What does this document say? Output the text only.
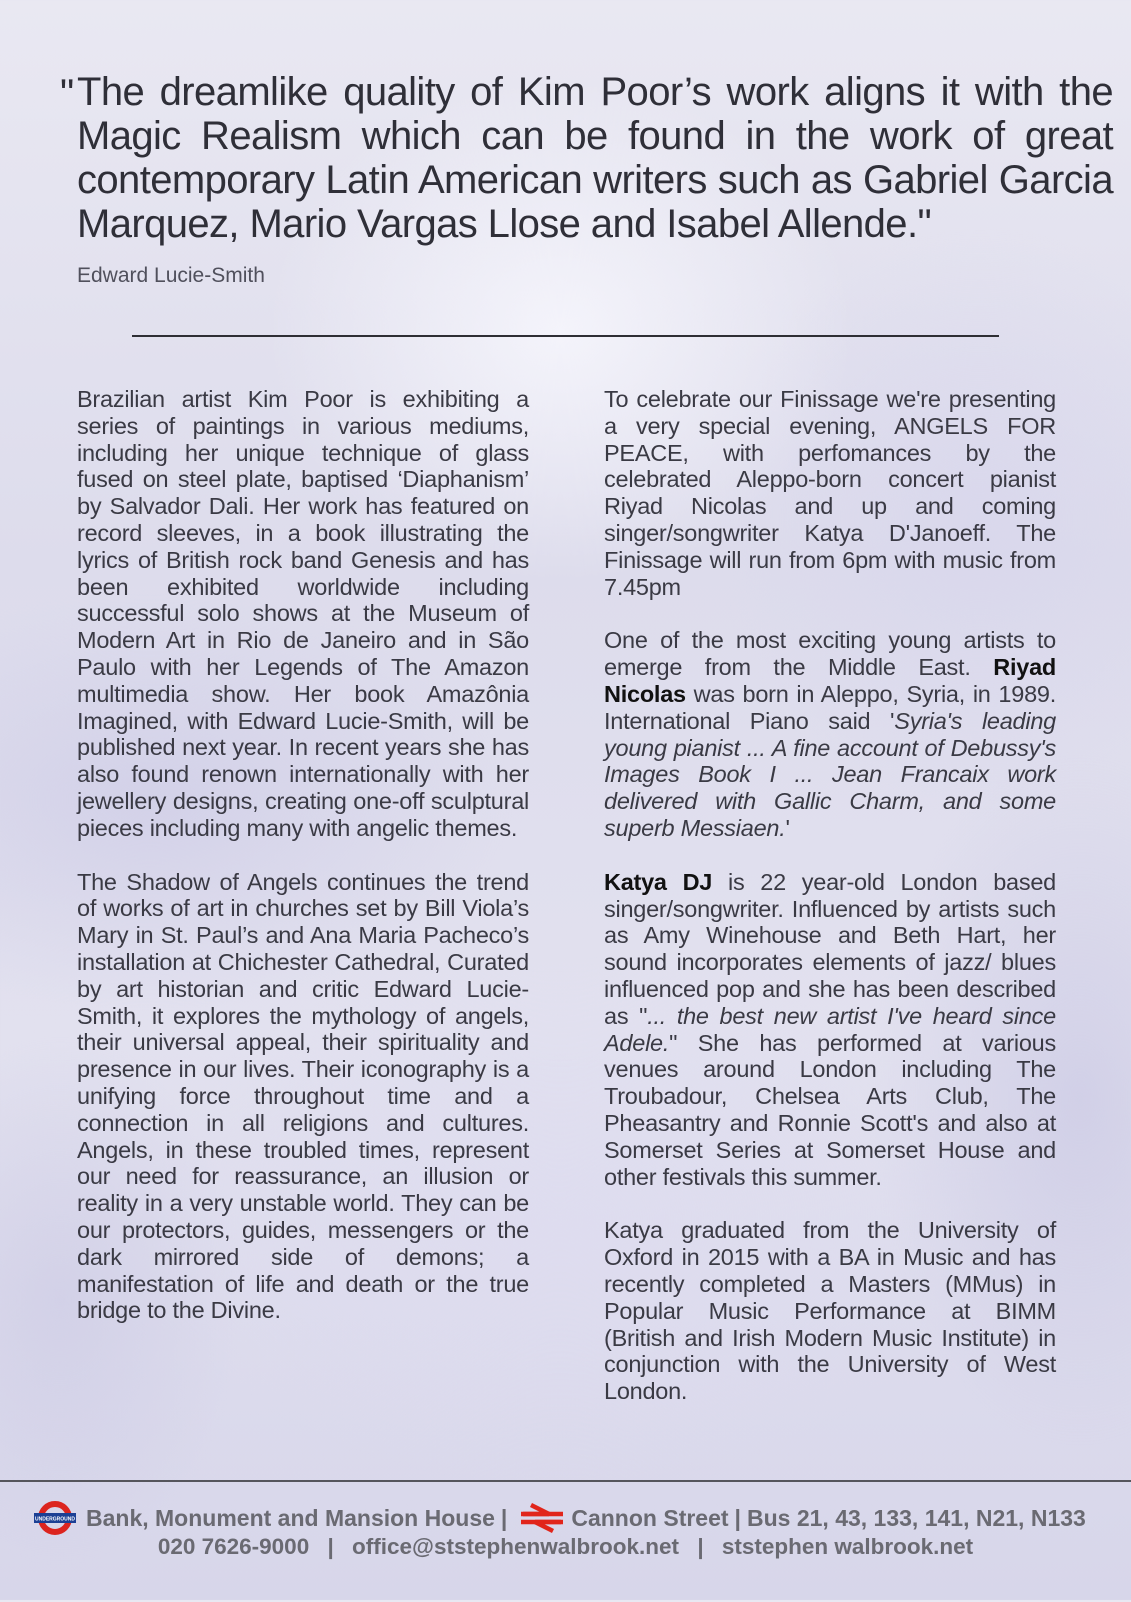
" The dreamlike quality of Kim Poor’s work aligns it with the Magic Realism which can be found in the work of great contemporary Latin American writers such as Gabriel Garcia Marquez, Mario Vargas Llose and Isabel Allende."
Edward Lucie-Smith

Brazilian artist Kim Poor is exhibiting a series of paintings in various mediums, including her unique technique of glass fused on steel plate, baptised ‘Diaphanism’ by Salvador Dali. Her work has featured on record sleeves, in a book illustrating the lyrics of British rock band Genesis and has been exhibited worldwide including successful solo shows at the Museum of Modern Art in Rio de Janeiro and in São Paulo with her Legends of The Amazon multimedia show. Her book Amazônia Imagined, with Edward Lucie-Smith, will be published next year. In recent years she has also found renown internationally with her jewellery designs, creating one-off sculptural pieces including many with angelic themes.

The Shadow of Angels continues the trend of works of art in churches set by Bill Viola’s Mary in St. Paul’s and Ana Maria Pacheco’s installation at Chichester Cathedral, Curated by art historian and critic Edward Lucie-Smith, it explores the mythology of angels, their universal appeal, their spirituality and presence in our lives. Their iconography is a unifying force throughout time and a connection in all religions and cultures. Angels, in these troubled times, represent our need for reassurance, an illusion or reality in a very unstable world. They can be our protectors, guides, messengers or the dark mirrored side of demons; a manifestation of life and death or the true bridge to the Divine.

To celebrate our Finissage we're presenting a very special evening, ANGELS FOR PEACE, with perfomances by the celebrated Aleppo-born concert pianist Riyad Nicolas and up and coming singer/songwriter Katya D'Janoeff. The Finissage will run from 6pm with music from 7.45pm

One of the most exciting young artists to emerge from the Middle East. Riyad Nicolas was born in Aleppo, Syria, in 1989. International Piano said 'Syria's leading young pianist ... A fine account of Debussy's Images Book I ... Jean Francaix work delivered with Gallic Charm, and some superb Messiaen.'

Katya DJ is 22 year-old London based singer/songwriter. Influenced by artists such as Amy Winehouse and Beth Hart, her sound incorporates elements of jazz/ blues influenced pop and she has been described as "... the best new artist I've heard since Adele." She has performed at various venues around London including The Troubadour, Chelsea Arts Club, The Pheasantry and Ronnie Scott's and also at Somerset Series at Somerset House and other festivals this summer.

Katya graduated from the University of Oxford in 2015 with a BA in Music and has recently completed a Masters (MMus) in Popular Music Performance at BIMM (British and Irish Modern Music Institute) in conjunction with the University of West London.

UNDERGROUND Bank, Monument and Mansion House |	Cannon Street | Bus 21, 43, 133, 141, N21, N133
020 7626-9000 | office@ststephenwalbrook.net | ststephen walbrook.net
